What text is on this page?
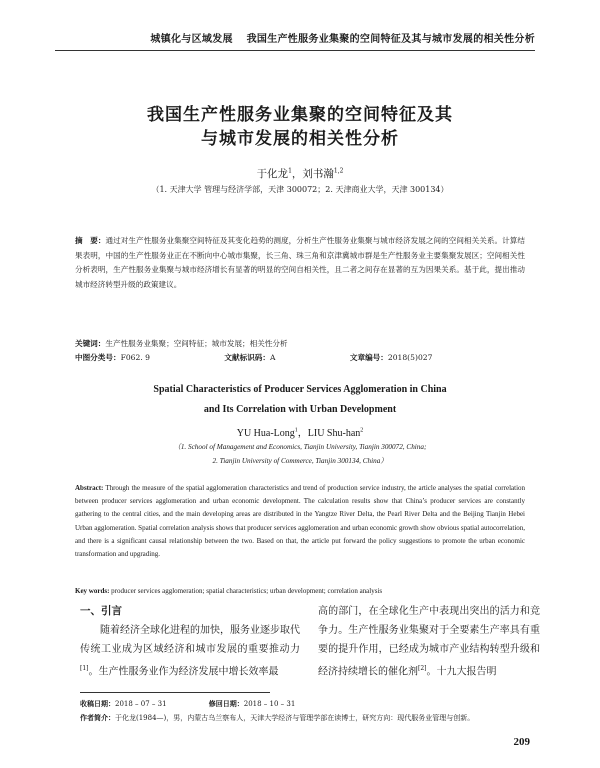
城镇化与区域发展 我国生产性服务业集聚的空间特征及其与城市发展的相关性分析
我国生产性服务业集聚的空间特征及其
与城市发展的相关性分析
于化龙$^1$，刘书瀚$^{1,2}$
（1. 天津大学 管理与经济学部，天津 300072；2. 天津商业大学，天津 300134）
摘　要：通过对生产性服务业集聚空间特征及其变化趋势的测度，分析生产性服务业集聚与城市经济发展之间的空间相关关系。计算结果表明，中国的生产性服务业正在不断向中心城市集聚，长三角、珠三角和京津冀城市群是生产性服务业主要集聚发展区；空间相关性分析表明，生产性服务业集聚与城市经济增长有显著的明显的空间自相关性，且二者之间存在显著的互为因果关系。基于此，提出推动城市经济转型升级的政策建议。
关键词：生产性服务业集聚；空间特征；城市发展；相关性分析
中图分类号：F062. 9	文献标识码：A	文章编号：2018(5)027
Spatial Characteristics of Producer Services Agglomeration in China
and Its Correlation with Urban Development
YU Hua-Long$^1$，LIU Shu-han$^2$
（1. School of Management and Economics, Tianjin University, Tianjin 300072, China;
2. Tianjin University of Commerce, Tianjin 300134, China）
Abstract: Through the measure of the spatial agglomeration characteristics and trend of production service industry, the article analyses the spatial correlation between producer services agglomeration and urban economic development. The calculation results show that China’s producer services are constantly gathering to the central cities, and the main developing areas are distributed in the Yangtze River Delta, the Pearl River Delta and the Beijing Tianjin Hebei Urban agglomeration. Spatial correlation analysis shows that producer services agglomeration and urban economic growth show obvious spatial autocorrelation, and there is a significant causal relationship between the two. Based on that, the article put forward the policy suggestions to promote the urban economic transformation and upgrading.
Key words: producer services agglomeration; spatial characteristics; urban development; correlation analysis

一、引言

随着经济全球化进程的加快，服务业逐步取代传统工业成为区域经济和城市发展的重要推动力[1]。生产性服务业作为经济发展中增长效率最

高的部门，在全球化生产中表现出突出的活力和竞争力。生产性服务业集聚对于全要素生产率具有重要的提升作用，已经成为城市产业结构转型升级和经济持续增长的催化剂[2]。十九大报告明

收稿日期：2018 – 07 – 31	修回日期：2018 – 10 – 31
作者简介：于化龙(1984—)，男，内蒙古乌兰察布人，天津大学经济与管理学部在读博士，研究方向：现代服务业管理与创新。
209
